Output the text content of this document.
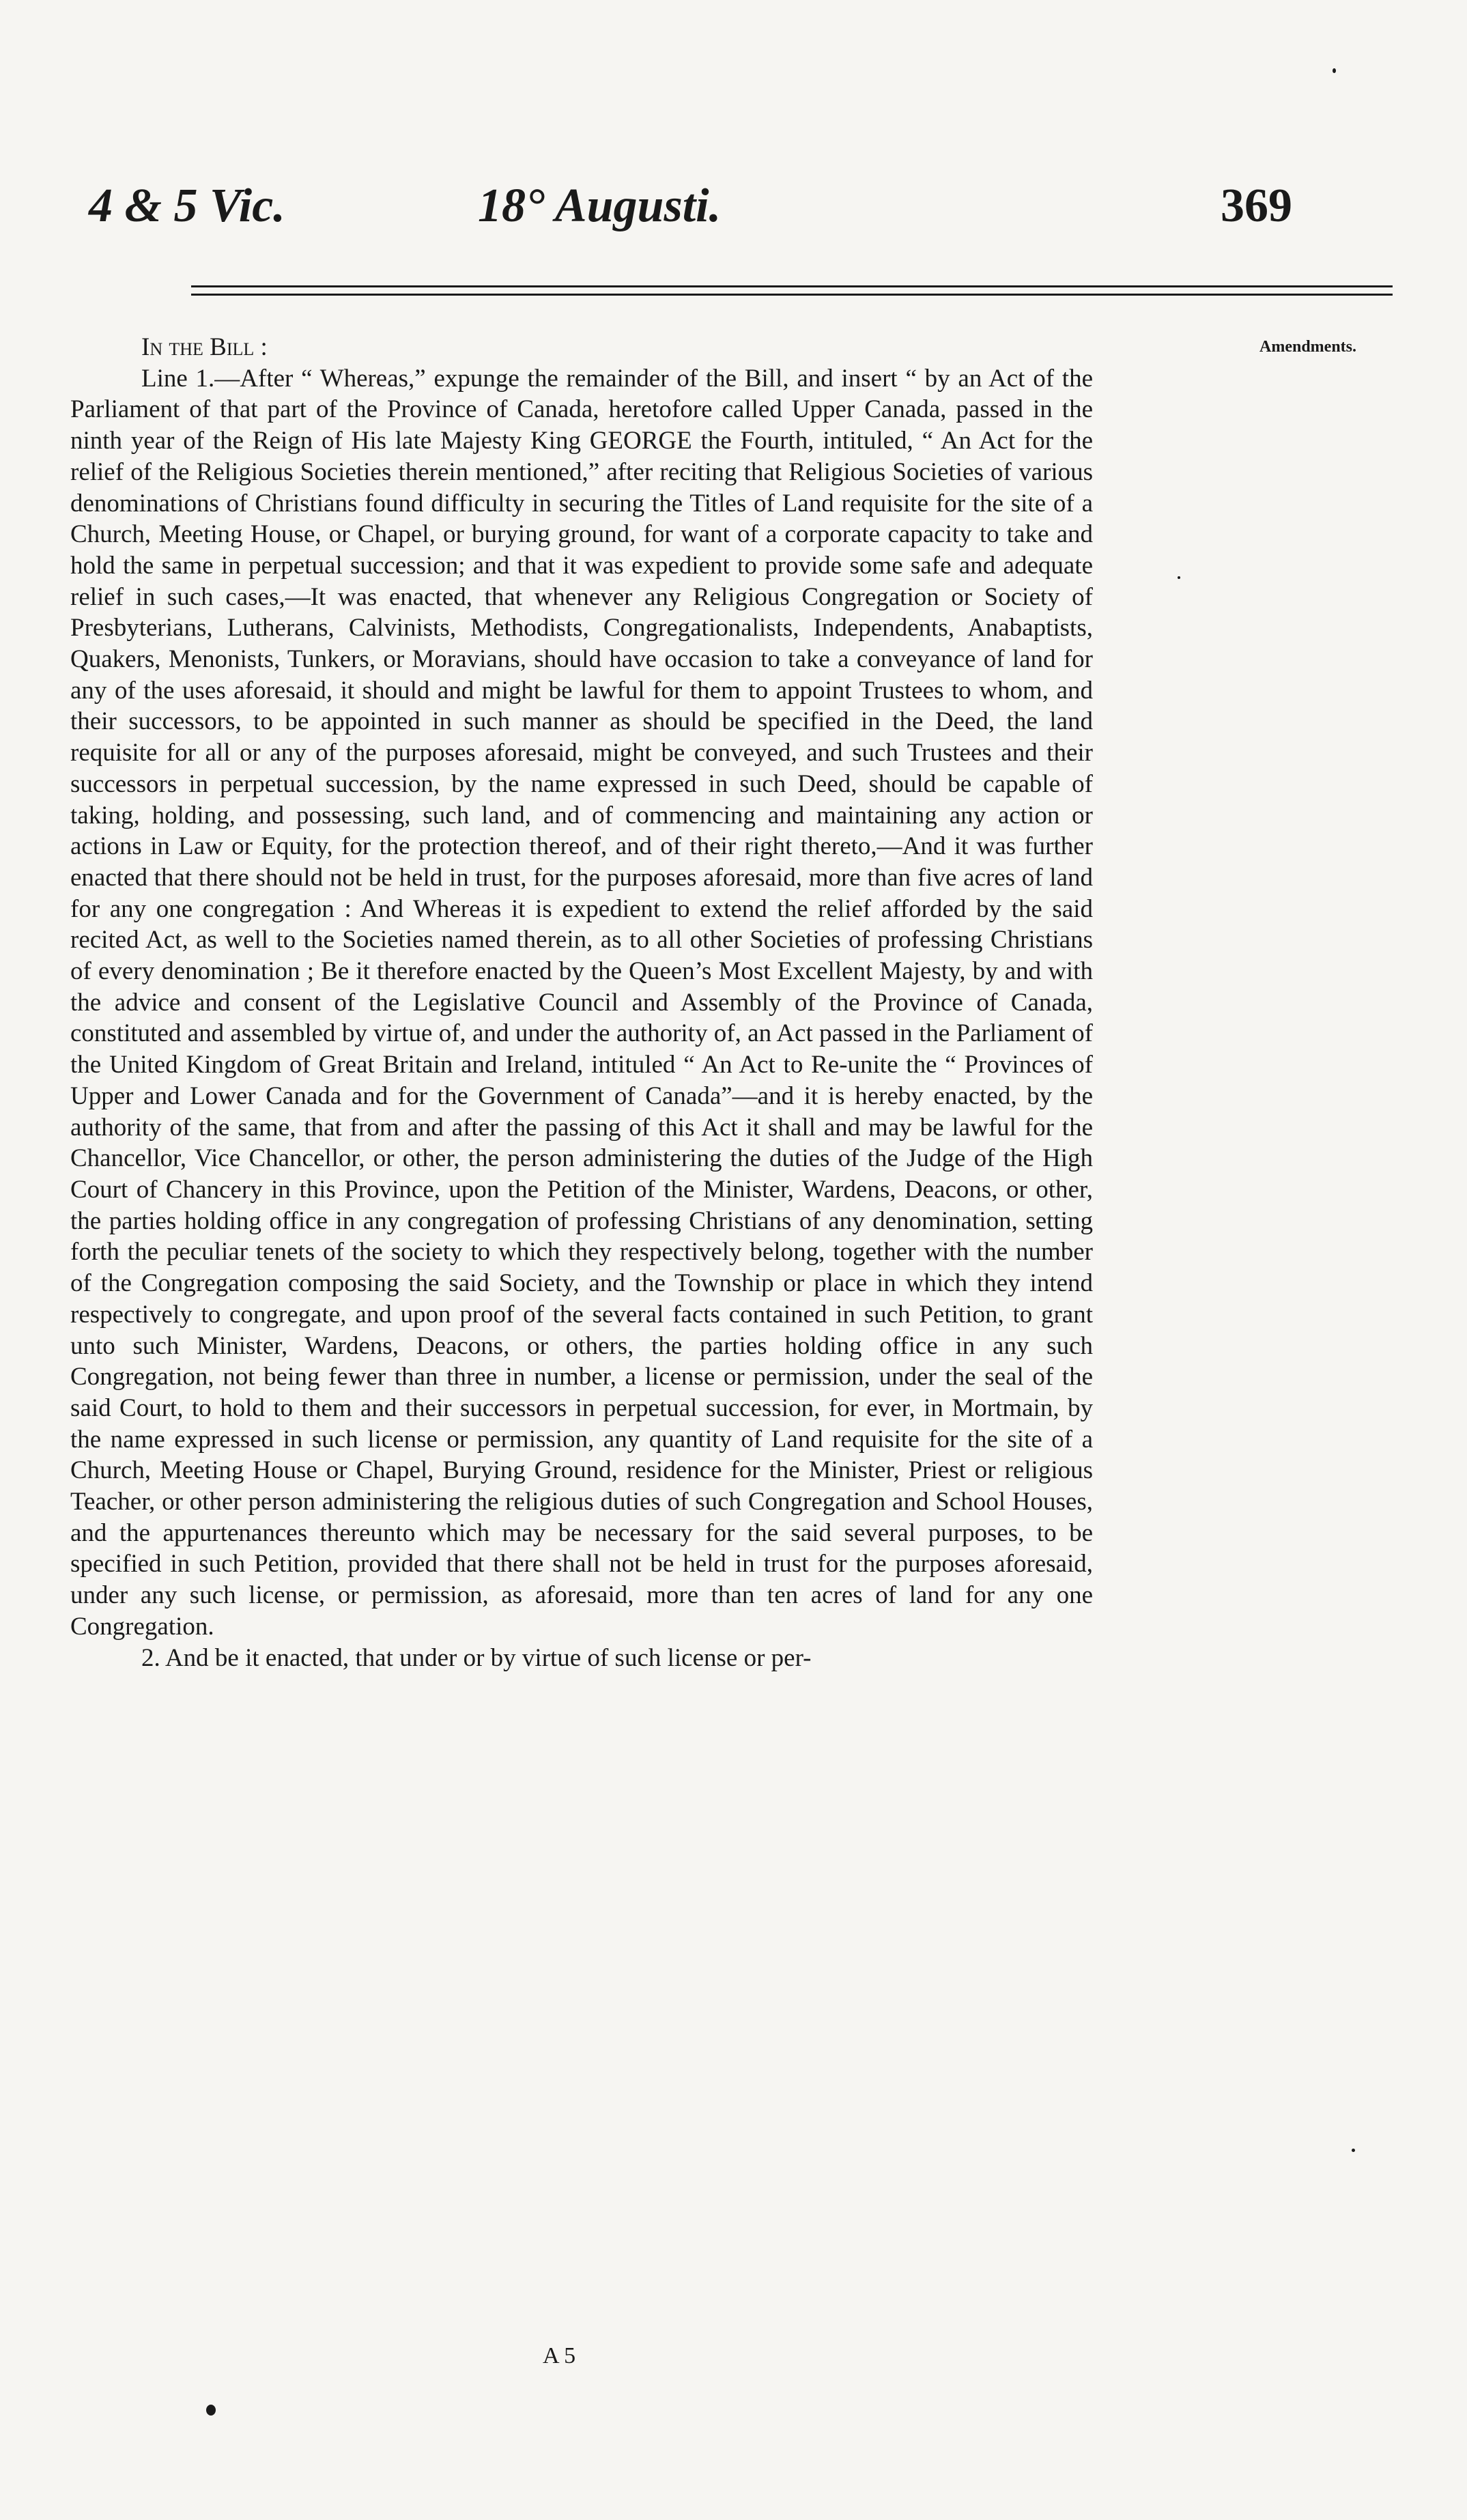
4 & 5 Vic.	18° Augusti.	369
Amendments.

In the Bill :

Line 1.—After “ Whereas,” expunge the remainder of the Bill, and insert “ by an Act of the Parliament of that part of the Province of Canada, heretofore called Upper Canada, passed in the ninth year of the Reign of His late Majesty King GEORGE the Fourth, intituled, “ An Act for the relief of the Religious Societies therein mentioned,” after reciting that Religious Societies of various denominations of Christians found difficulty in securing the Titles of Land requisite for the site of a Church, Meeting House, or Chapel, or burying ground, for want of a corporate capacity to take and hold the same in perpetual succession; and that it was expedient to provide some safe and adequate relief in such cases,—It was enacted, that whenever any Religious Congregation or Society of Presbyterians, Lutherans, Calvinists, Methodists, Congregationalists, Independents, Anabaptists, Quakers, Menonists, Tunkers, or Moravians, should have occasion to take a conveyance of land for any of the uses aforesaid, it should and might be lawful for them to appoint Trustees to whom, and their successors, to be appointed in such manner as should be specified in the Deed, the land requisite for all or any of the purposes aforesaid, might be conveyed, and such Trustees and their successors in perpetual succession, by the name expressed in such Deed, should be capable of taking, holding, and possessing, such land, and of commencing and maintaining any action or actions in Law or Equity, for the protection thereof, and of their right thereto,—And it was further enacted that there should not be held in trust, for the purposes aforesaid, more than five acres of land for any one congregation : And Whereas it is expedient to extend the relief afforded by the said recited Act, as well to the Societies named therein, as to all other Societies of professing Christians of every denomination ; Be it therefore enacted by the Queen’s Most Excellent Majesty, by and with the advice and consent of the Legislative Council and Assembly of the Province of Canada, constituted and assembled by virtue of, and under the authority of, an Act passed in the Parliament of the United Kingdom of Great Britain and Ireland, intituled “ An Act to Re-unite the “ Provinces of Upper and Lower Canada and for the Government of Canada”—and it is hereby enacted, by the authority of the same, that from and after the passing of this Act it shall and may be lawful for the Chancellor, Vice Chancellor, or other, the person administering the duties of the Judge of the High Court of Chancery in this Province, upon the Petition of the Minister, Wardens, Deacons, or other, the parties holding office in any congregation of professing Christians of any denomination, setting forth the peculiar tenets of the society to which they respectively belong, together with the number of the Congregation composing the said Society, and the Township or place in which they intend respectively to congregate, and upon proof of the several facts contained in such Petition, to grant unto such Minister, Wardens, Deacons, or others, the parties holding office in any such Congregation, not being fewer than three in number, a license or permission, under the seal of the said Court, to hold to them and their successors in perpetual succession, for ever, in Mortmain, by the name expressed in such license or permission, any quantity of Land requisite for the site of a Church, Meeting House or Chapel, Burying Ground, residence for the Minister, Priest or religious Teacher, or other person administering the religious duties of such Congregation and School Houses, and the appurtenances thereunto which may be necessary for the said several purposes, to be specified in such Petition, provided that there shall not be held in trust for the purposes aforesaid, under any such license, or permission, as aforesaid, more than ten acres of land for any one Congregation.

2. And be it enacted, that under or by virtue of such license or per-

A 5
